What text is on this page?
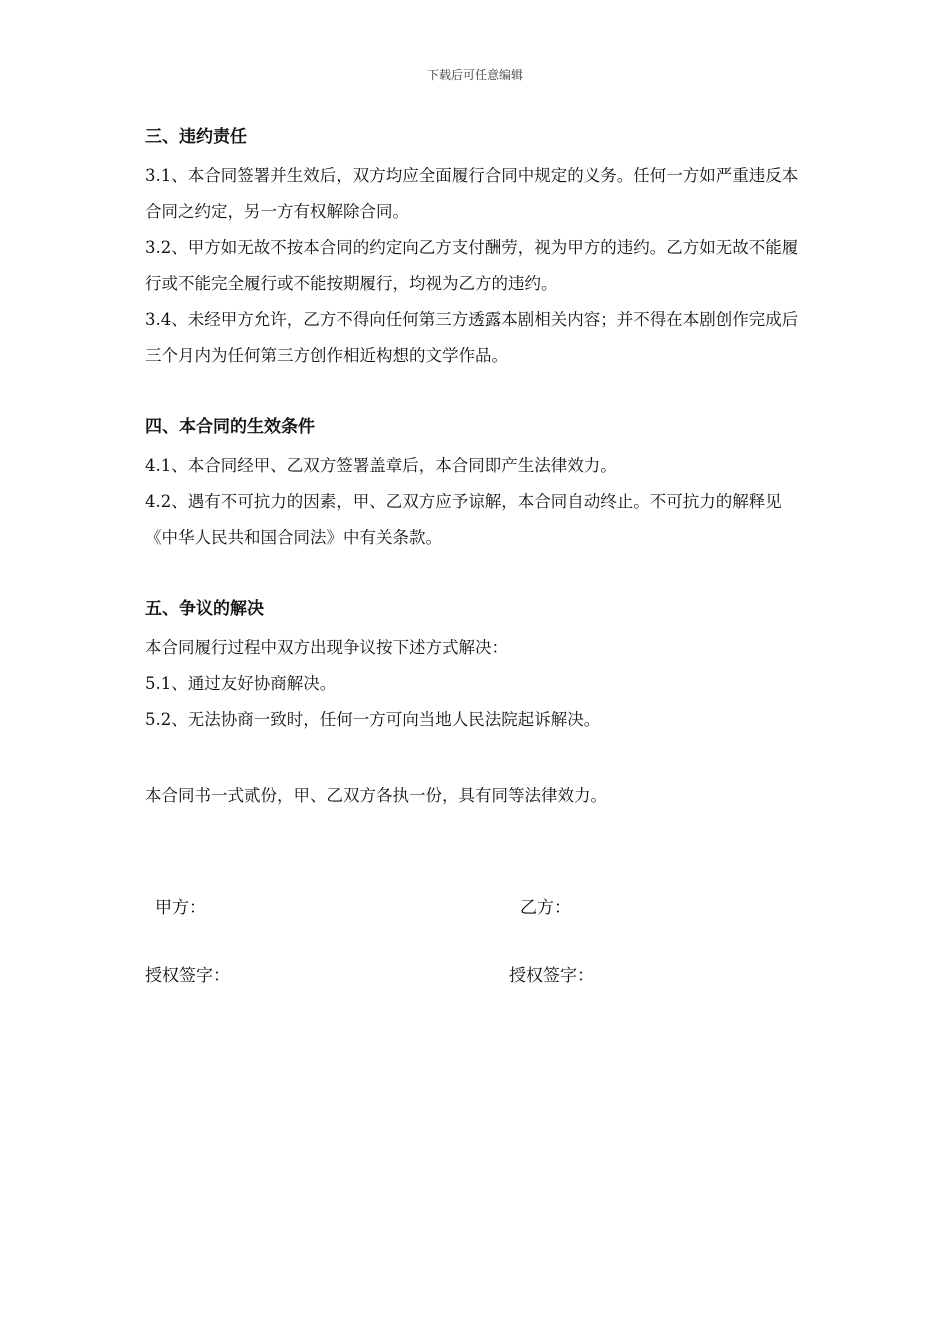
下载后可任意编辑
三、违约责任

3.1、本合同签署并生效后，双方均应全面履行合同中规定的义务。任何一方如严重违反本合同之约定，另一方有权解除合同。

3.2、甲方如无故不按本合同的约定向乙方支付酬劳，视为甲方的违约。乙方如无故不能履行或不能完全履行或不能按期履行，均视为乙方的违约。

3.4、未经甲方允许，乙方不得向任何第三方透露本剧相关内容；并不得在本剧创作完成后三个月内为任何第三方创作相近构想的文学作品。

四、本合同的生效条件

4.1、本合同经甲、乙双方签署盖章后，本合同即产生法律效力。

4.2、遇有不可抗力的因素，甲、乙双方应予谅解，本合同自动终止。不可抗力的解释见《中华人民共和国合同法》中有关条款。

五、争议的解决

本合同履行过程中双方出现争议按下述方式解决：

5.1、通过友好协商解决。

5.2、无法协商一致时，任何一方可向当地人民法院起诉解决。

本合同书一式贰份，甲、乙双方各执一份，具有同等法律效力。

甲方：	乙方：
授权签字：	授权签字：
